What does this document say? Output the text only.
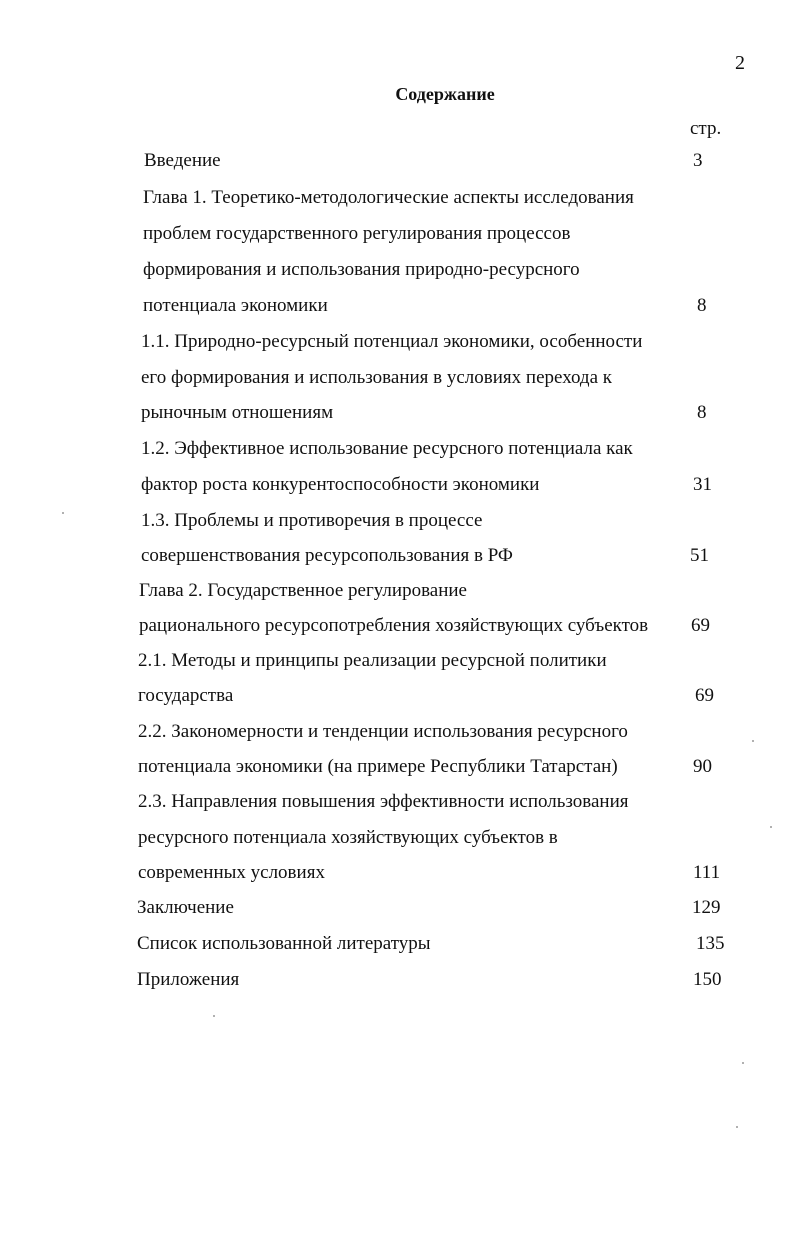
2
Содержание
стр.
Введение	3
Глава 1. Теоретико-методологические аспекты исследования
проблем государственного регулирования процессов
формирования и использования природно-ресурсного
потенциала экономики	8
1.1. Природно-ресурсный потенциал экономики, особенности
его формирования и использования в условиях перехода к
рыночным отношениям	8
1.2. Эффективное использование ресурсного потенциала как
фактор роста конкурентоспособности экономики	31
1.3. Проблемы и противоречия в процессе
совершенствования ресурсопользования в РФ	51
Глава 2. Государственное регулирование
рационального ресурсопотребления хозяйствующих субъектов 69
2.1. Методы и принципы реализации ресурсной политики
государства	69
2.2. Закономерности и тенденции использования ресурсного
потенциала экономики (на примере Республики Татарстан)	90
2.3. Направления повышения эффективности использования
ресурсного потенциала хозяйствующих субъектов в
современных условиях	111
Заключение	129
Список использованной литературы	135
Приложения	150
